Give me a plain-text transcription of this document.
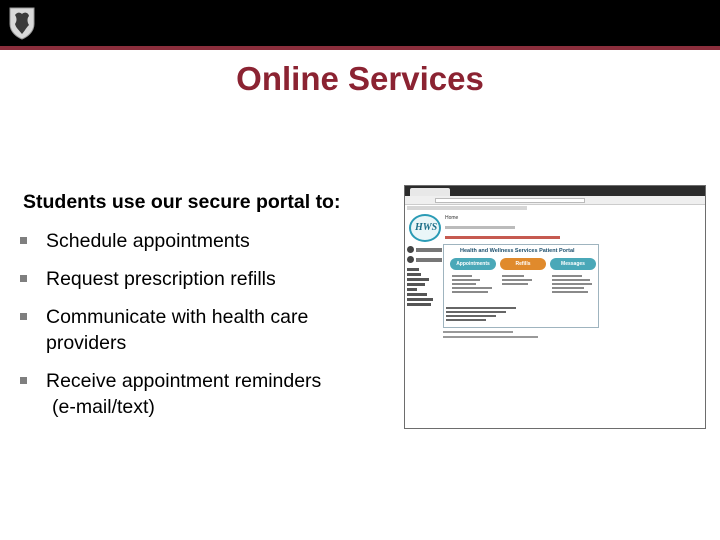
Online Services
Students use our secure portal to:
Schedule appointments
Request prescription refills
Communicate with health care
providers
Receive appointment reminders
(e-mail/text)
HWS
Home
Health and Wellness Services Patient Portal
Appointments	Refills	Messages
